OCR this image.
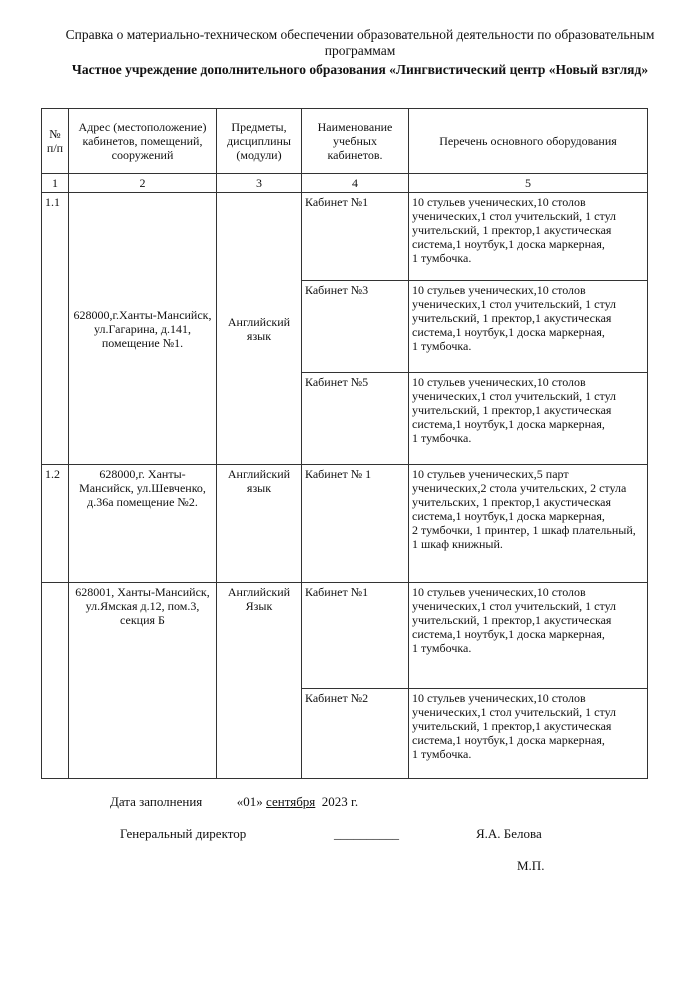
Справка о материально-техническом обеспечении образовательной деятельности по образовательным программам
Частное учреждение дополнительного образования «Лингвистический центр «Новый взгляд»
№ п/п	Адрес (местоположение) кабинетов, помещений, сооружений	Предметы, дисциплины (модули)	Наименование учебных кабинетов.	Перечень основного оборудования
1	2	3	4	5
1.1	628000,г.Ханты-Мансийск, ул.Гагарина, д.141, помещение №1.	Английский язык	Кабинет №1	10 стульев ученических,10 столов ученических,1 стол учительский, 1 стул учительский, 1 пректор,1 акустическая система,1 ноутбук,1 доска маркерная,
1 тумбочка.
			Кабинет №3	10 стульев ученических,10 столов ученических,1 стол учительский, 1 стул учительский, 1 пректор,1 акустическая система,1 ноутбук,1 доска маркерная,
1 тумбочка.
			Кабинет №5	10 стульев ученических,10 столов ученических,1 стол учительский, 1 стул учительский, 1 пректор,1 акустическая система,1 ноутбук,1 доска маркерная,
1 тумбочка.
1.2	628000,г. Ханты-Мансийск, ул.Шевченко, д.36а помещение №2.	Английский язык	Кабинет № 1	10 стульев ученических,5 парт ученических,2 стола учительских, 2 стула учительских, 1 пректор,1 акустическая система,1 ноутбук,1 доска маркерная,
2 тумбочки, 1 принтер, 1 шкаф плательный, 1 шкаф книжный.
	628001, Ханты-Мансийск, ул.Ямская д.12, пом.3, секция Б	Английский Язык	Кабинет №1	10 стульев ученических,10 столов ученических,1 стол учительский, 1 стул учительский, 1 пректор,1 акустическая система,1 ноутбук,1 доска маркерная,
1 тумбочка.
			Кабинет №2	10 стульев ученических,10 столов ученических,1 стол учительский, 1 стул учительский, 1 пректор,1 акустическая система,1 ноутбук,1 доска маркерная,
1 тумбочка.
Дата заполнения	«01» сентября 2023 г.
Генеральный директор	__________	Я.А. Белова
М.П.
